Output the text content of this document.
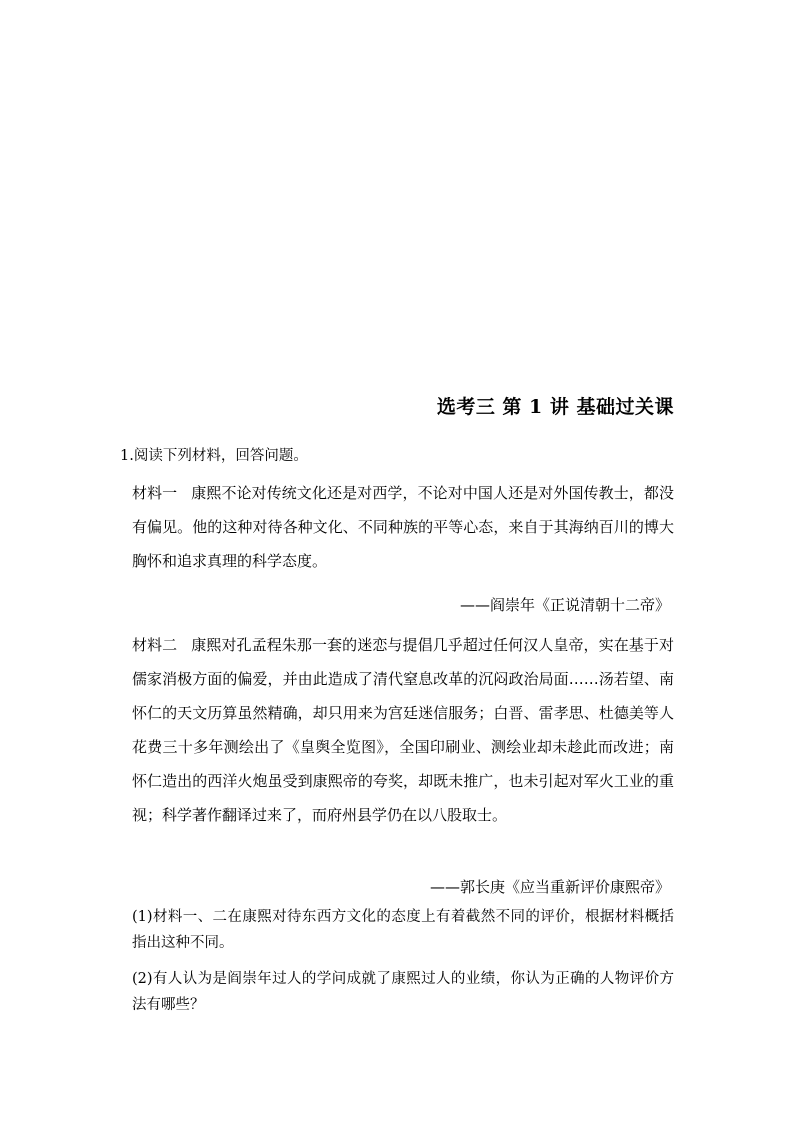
选考三 第 1 讲 基础过关课
1.阅读下列材料，回答问题。
材料一 康熙不论对传统文化还是对西学，不论对中国人还是对外国传教士，都没有偏见。他的这种对待各种文化、不同种族的平等心态，来自于其海纳百川的博大胸怀和追求真理的科学态度。
——阎崇年《正说清朝十二帝》
材料二 康熙对孔孟程朱那一套的迷恋与提倡几乎超过任何汉人皇帝，实在基于对儒家消极方面的偏爱，并由此造成了清代窒息改革的沉闷政治局面……汤若望、南怀仁的天文历算虽然精确，却只用来为宫廷迷信服务；白晋、雷孝思、杜德美等人花费三十多年测绘出了《皇舆全览图》，全国印刷业、测绘业却未趁此而改进；南怀仁造出的西洋火炮虽受到康熙帝的夸奖，却既未推广，也未引起对军火工业的重视；科学著作翻译过来了，而府州县学仍在以八股取士。
——郭长庚《应当重新评价康熙帝》
(1)材料一、二在康熙对待东西方文化的态度上有着截然不同的评价，根据材料概括指出这种不同。
(2)有人认为是阎崇年过人的学问成就了康熙过人的业绩，你认为正确的人物评价方法有哪些？
